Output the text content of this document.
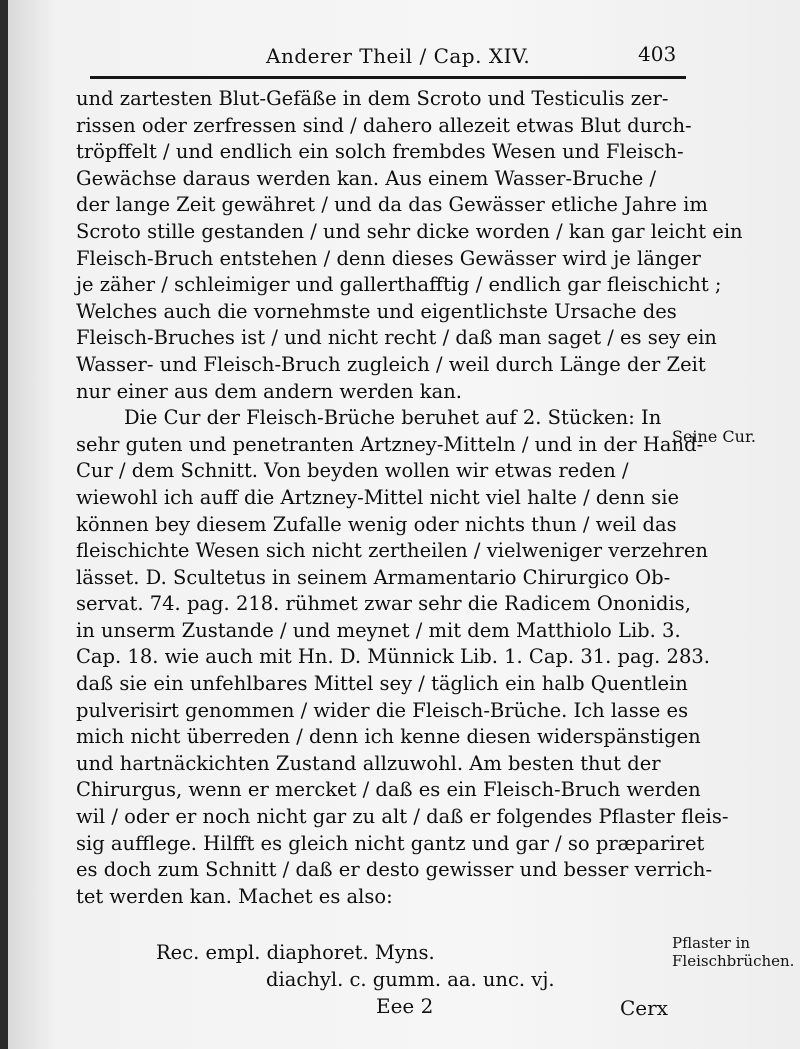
Anderer Theil / Cap. XIV.	403
und zartesten Blut-Gefäße in dem Scroto und Testiculis zer-
rissen oder zerfressen sind / dahero allezeit etwas Blut durch-
tröpffelt / und endlich ein solch frembdes Wesen und Fleisch-
Gewächse daraus werden kan. Aus einem Wasser-Bruche /
der lange Zeit gewähret / und da das Gewässer etliche Jahre im
Scroto stille gestanden / und sehr dicke worden / kan gar leicht ein
Fleisch-Bruch entstehen / denn dieses Gewässer wird je länger
je zäher / schleimiger und gallerthafftig / endlich gar fleischicht ;
Welches auch die vornehmste und eigentlichste Ursache des
Fleisch-Bruches ist / und nicht recht / daß man saget / es sey ein
Wasser- und Fleisch-Bruch zugleich / weil durch Länge der Zeit
nur einer aus dem andern werden kan.
Die Cur der Fleisch-Brüche beruhet auf 2. Stücken: In
sehr guten und penetranten Artzney-Mitteln / und in der Hand-
Cur / dem Schnitt. Von beyden wollen wir etwas reden /
wiewohl ich auff die Artzney-Mittel nicht viel halte / denn sie
können bey diesem Zufalle wenig oder nichts thun / weil das
fleischichte Wesen sich nicht zertheilen / vielweniger verzehren
lässet. D. Scultetus in seinem Armamentario Chirurgico Ob-
servat. 74. pag. 218. rühmet zwar sehr die Radicem Ononidis,
in unserm Zustande / und meynet / mit dem Matthiolo Lib. 3.
Cap. 18. wie auch mit Hn. D. Münnick Lib. 1. Cap. 31. pag. 283.
daß sie ein unfehlbares Mittel sey / täglich ein halb Quentlein
pulverisirt genommen / wider die Fleisch-Brüche. Ich lasse es
mich nicht überreden / denn ich kenne diesen widerspänstigen
und hartnäckichten Zustand allzuwohl. Am besten thut der
Chirurgus, wenn er mercket / daß es ein Fleisch-Bruch werden
wil / oder er noch nicht gar zu alt / daß er folgendes Pflaster fleis-
sig aufflege. Hilfft es gleich nicht gantz und gar / so præpariret
es doch zum Schnitt / daß er desto gewisser und besser verrich-
tet werden kan. Machet es also:
Rec. empl. diaphoret. Myns.
diachyl. c. gumm. aa. unc. vj.
Eee 2	Cerx
Seine Cur.
Pflaster in
Fleischbrüchen.
